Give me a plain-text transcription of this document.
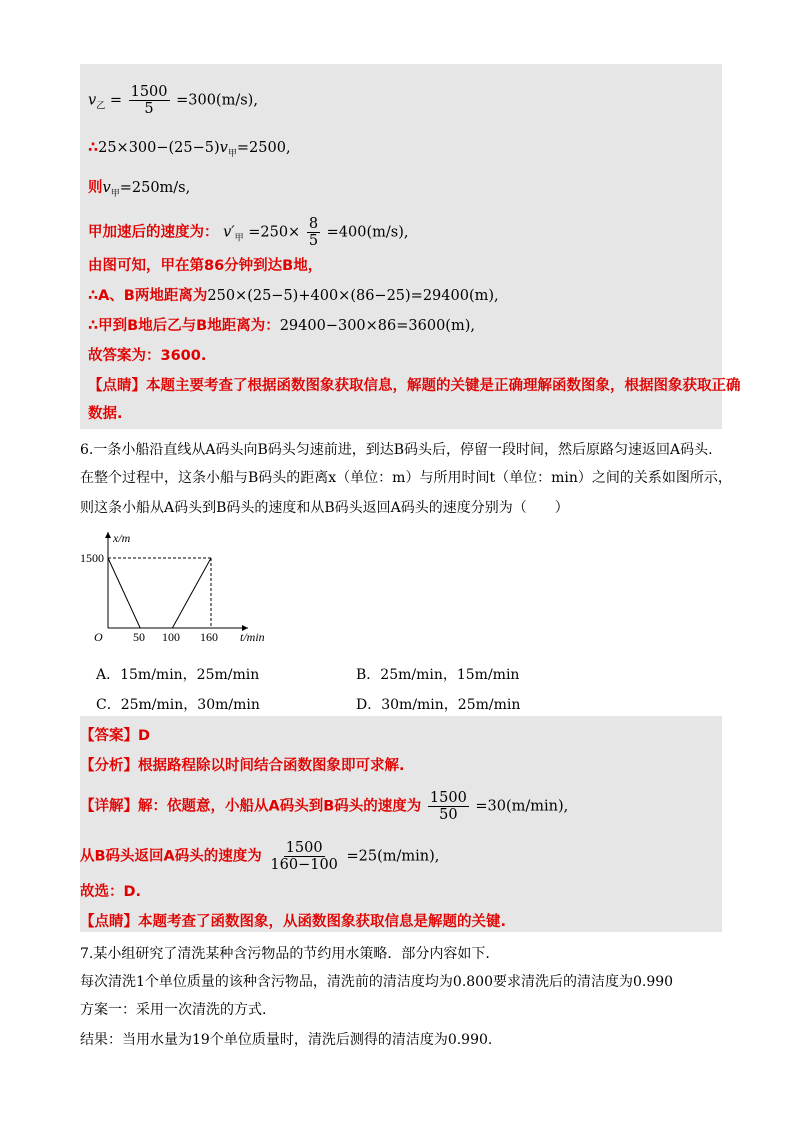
$v_乙 = \frac{1500}{5} =300(m/s)$,
$\therefore 25\times 300-(25-5)v_甲=2500$,
则$v_甲=250m/s$,
甲加速后的速度为： $v'_甲 =250\times \frac{8}{5} =400(m/s)$,
由图可知，甲在第86分钟到达B地，
∴A、B两地距离为250×(25−5)+400×(86−25)=29400(m),
∴甲到B地后乙与B地距离为：29400−300×86=3600(m),
故答案为：3600.
【点睛】本题主要考查了根据函数图象获取信息，解题的关键是正确理解函数图象，根据图象获取正确
数据.
6.一条小船沿直线从A码头向B码头匀速前进，到达B码头后，停留一段时间，然后原路匀速返回A码头.
在整个过程中，这条小船与B码头的距离x（单位：m）与所用时间t（单位：min）之间的关系如图所示，
则这条小船从A码头到B码头的速度和从B码头返回A码头的速度分别为（　　）
x/m
1500
O	50 100 160 t/min
A．15m/min，25m/min	B．25m/min，15m/min
C．25m/min，30m/min	D．30m/min，25m/min
【答案】D
【分析】根据路程除以时间结合函数图象即可求解.
【详解】解：依题意，小船从A码头到B码头的速度为 $\frac{1500}{50} =30(m/\min)$,
从B码头返回A码头的速度为 $\frac{1500}{160-100} =25(m/\min)$,
故选：D.
【点睛】本题考查了函数图象，从函数图象获取信息是解题的关键.
7.某小组研究了清洗某种含污物品的节约用水策略．部分内容如下.
每次清洗1个单位质量的该种含污物品，清洗前的清洁度均为0.800要求清洗后的清洁度为0.990
方案一：采用一次清洗的方式.
结果：当用水量为19个单位质量时，清洗后测得的清洁度为0.990.
